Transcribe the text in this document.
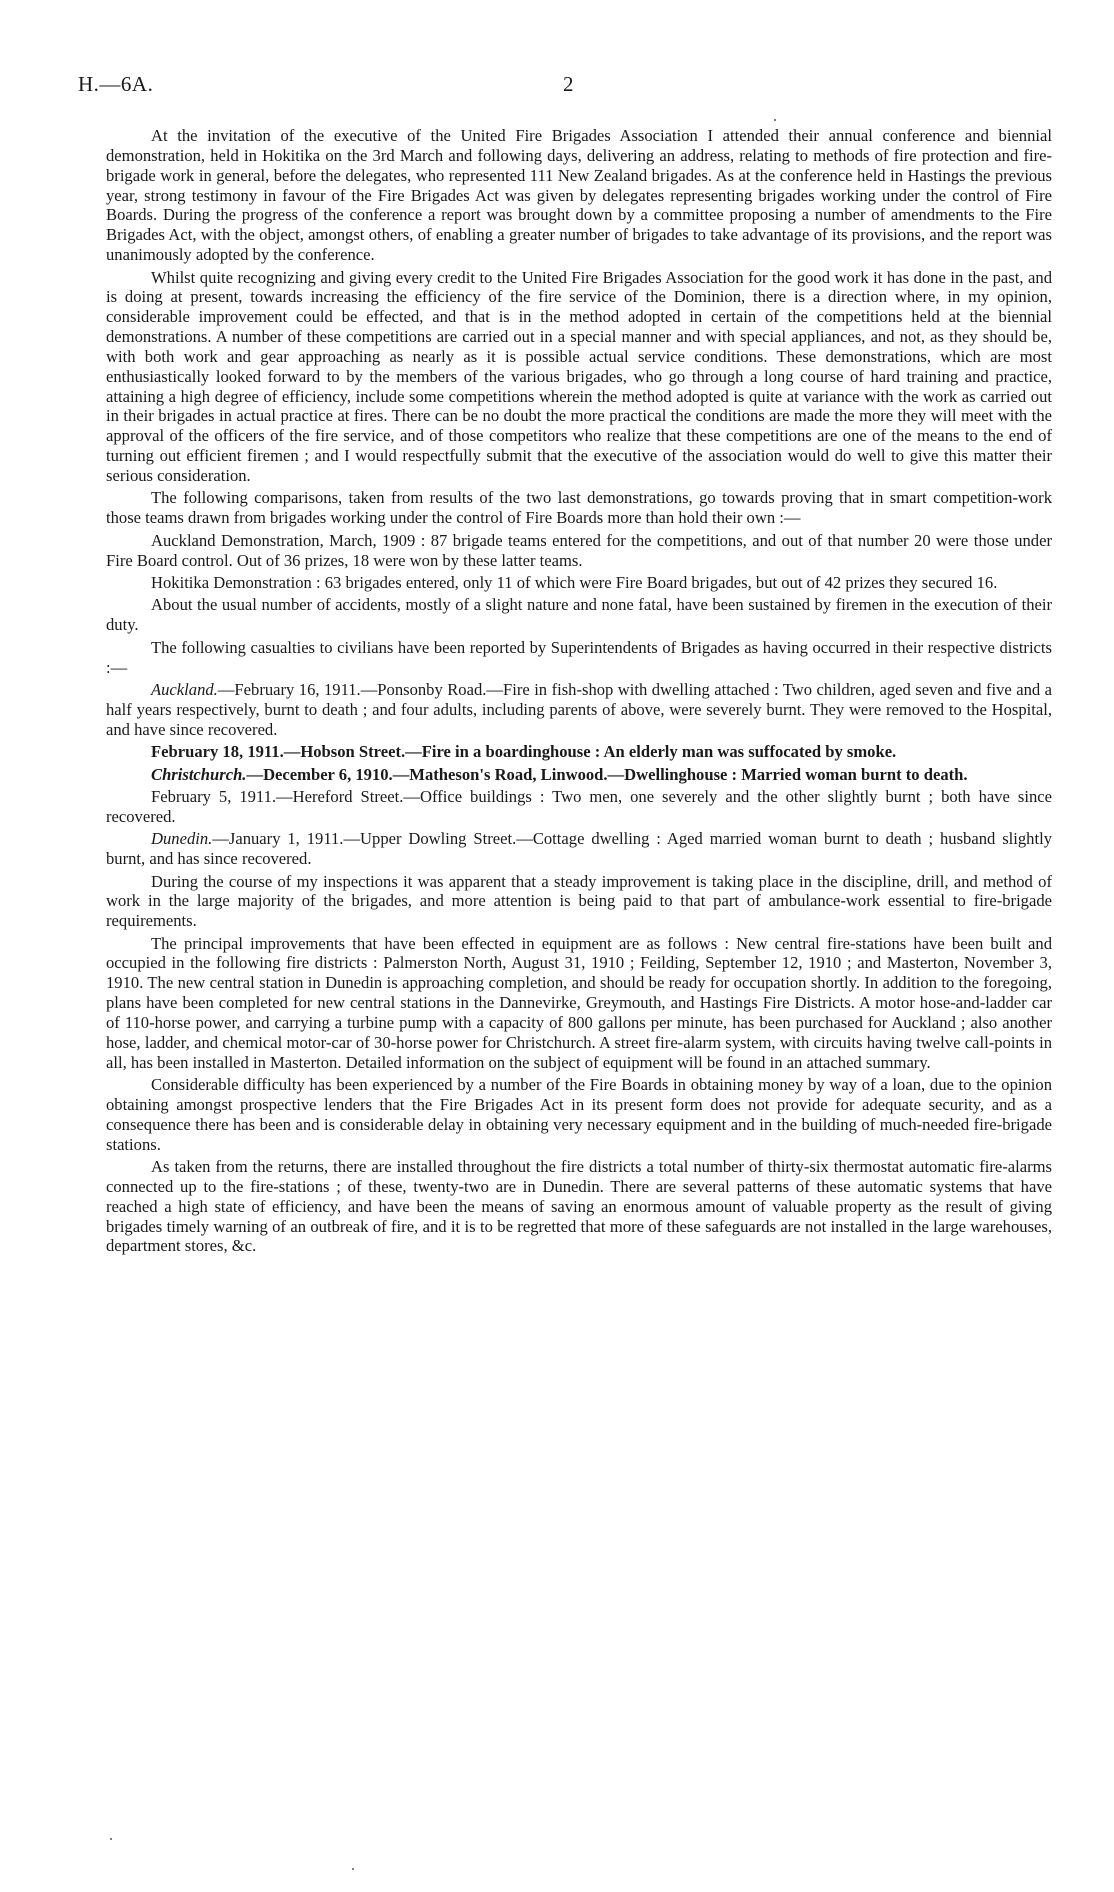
H.—6A.	2

At the invitation of the executive of the United Fire Brigades Association I attended their annual conference and biennial demonstration, held in Hokitika on the 3rd March and following days, delivering an address, relating to methods of fire protection and fire-brigade work in general, before the delegates, who represented 111 New Zealand brigades. As at the conference held in Hastings the previous year, strong testimony in favour of the Fire Brigades Act was given by delegates representing brigades working under the control of Fire Boards. During the progress of the conference a report was brought down by a committee proposing a number of amendments to the Fire Brigades Act, with the object, amongst others, of enabling a greater number of brigades to take advantage of its provisions, and the report was unanimously adopted by the conference.

Whilst quite recognizing and giving every credit to the United Fire Brigades Association for the good work it has done in the past, and is doing at present, towards increasing the efficiency of the fire service of the Dominion, there is a direction where, in my opinion, considerable improvement could be effected, and that is in the method adopted in certain of the competitions held at the biennial demonstrations. A number of these competitions are carried out in a special manner and with special appliances, and not, as they should be, with both work and gear approaching as nearly as it is possible actual service conditions. These demonstrations, which are most enthusiastically looked forward to by the members of the various brigades, who go through a long course of hard training and practice, attaining a high degree of efficiency, include some competitions wherein the method adopted is quite at variance with the work as carried out in their brigades in actual practice at fires. There can be no doubt the more practical the conditions are made the more they will meet with the approval of the officers of the fire service, and of those competitors who realize that these competitions are one of the means to the end of turning out efficient firemen ; and I would respectfully submit that the executive of the association would do well to give this matter their serious consideration.

The following comparisons, taken from results of the two last demonstrations, go towards proving that in smart competition-work those teams drawn from brigades working under the control of Fire Boards more than hold their own :—

Auckland Demonstration, March, 1909 : 87 brigade teams entered for the competitions, and out of that number 20 were those under Fire Board control. Out of 36 prizes, 18 were won by these latter teams.

Hokitika Demonstration : 63 brigades entered, only 11 of which were Fire Board brigades, but out of 42 prizes they secured 16.

About the usual number of accidents, mostly of a slight nature and none fatal, have been sustained by firemen in the execution of their duty.

The following casualties to civilians have been reported by Superintendents of Brigades as having occurred in their respective districts :—

Auckland.—February 16, 1911.—Ponsonby Road.—Fire in fish-shop with dwelling attached : Two children, aged seven and five and a half years respectively, burnt to death ; and four adults, including parents of above, were severely burnt. They were removed to the Hospital, and have since recovered.

February 18, 1911.—Hobson Street.—Fire in a boardinghouse : An elderly man was suffocated by smoke.

Christchurch.—December 6, 1910.—Matheson's Road, Linwood.—Dwellinghouse : Married woman burnt to death.

February 5, 1911.—Hereford Street.—Office buildings : Two men, one severely and the other slightly burnt ; both have since recovered.

Dunedin.—January 1, 1911.—Upper Dowling Street.—Cottage dwelling : Aged married woman burnt to death ; husband slightly burnt, and has since recovered.

During the course of my inspections it was apparent that a steady improvement is taking place in the discipline, drill, and method of work in the large majority of the brigades, and more attention is being paid to that part of ambulance-work essential to fire-brigade requirements.

The principal improvements that have been effected in equipment are as follows : New central fire-stations have been built and occupied in the following fire districts : Palmerston North, August 31, 1910 ; Feilding, September 12, 1910 ; and Masterton, November 3, 1910. The new central station in Dunedin is approaching completion, and should be ready for occupation shortly. In addition to the foregoing, plans have been completed for new central stations in the Dannevirke, Greymouth, and Hastings Fire Districts. A motor hose-and-ladder car of 110-horse power, and carrying a turbine pump with a capacity of 800 gallons per minute, has been purchased for Auckland ; also another hose, ladder, and chemical motor-car of 30-horse power for Christchurch. A street fire-alarm system, with circuits having twelve call-points in all, has been installed in Masterton. Detailed information on the subject of equipment will be found in an attached summary.

Considerable difficulty has been experienced by a number of the Fire Boards in obtaining money by way of a loan, due to the opinion obtaining amongst prospective lenders that the Fire Brigades Act in its present form does not provide for adequate security, and as a consequence there has been and is considerable delay in obtaining very necessary equipment and in the building of much-needed fire-brigade stations.

As taken from the returns, there are installed throughout the fire districts a total number of thirty-six thermostat automatic fire-alarms connected up to the fire-stations ; of these, twenty-two are in Dunedin. There are several patterns of these automatic systems that have reached a high state of efficiency, and have been the means of saving an enormous amount of valuable property as the result of giving brigades timely warning of an outbreak of fire, and it is to be regretted that more of these safeguards are not installed in the large warehouses, department stores, &c.
